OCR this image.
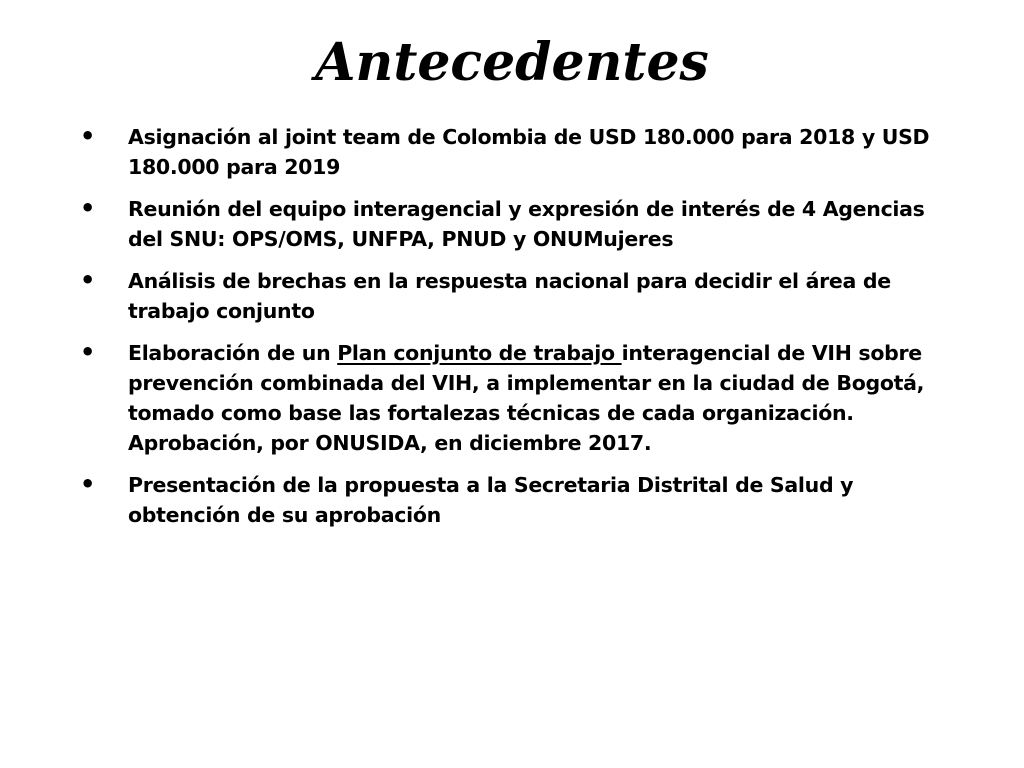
Antecedentes
• Asignación al joint team de Colombia de USD 180.000 para 2018 y USD 180.000 para 2019
• Reunión del equipo interagencial y expresión de interés de 4 Agencias del SNU: OPS/OMS, UNFPA, PNUD y ONUMujeres
• Análisis de brechas en la respuesta nacional para decidir el área de trabajo conjunto
• Elaboración de un Plan conjunto de trabajo interagencial de VIH sobre prevención combinada del VIH, a implementar en la ciudad de Bogotá, tomado como base las fortalezas técnicas de cada organización. Aprobación, por ONUSIDA, en diciembre 2017.
• Presentación de la propuesta a la Secretaria Distrital de Salud y obtención de su aprobación
